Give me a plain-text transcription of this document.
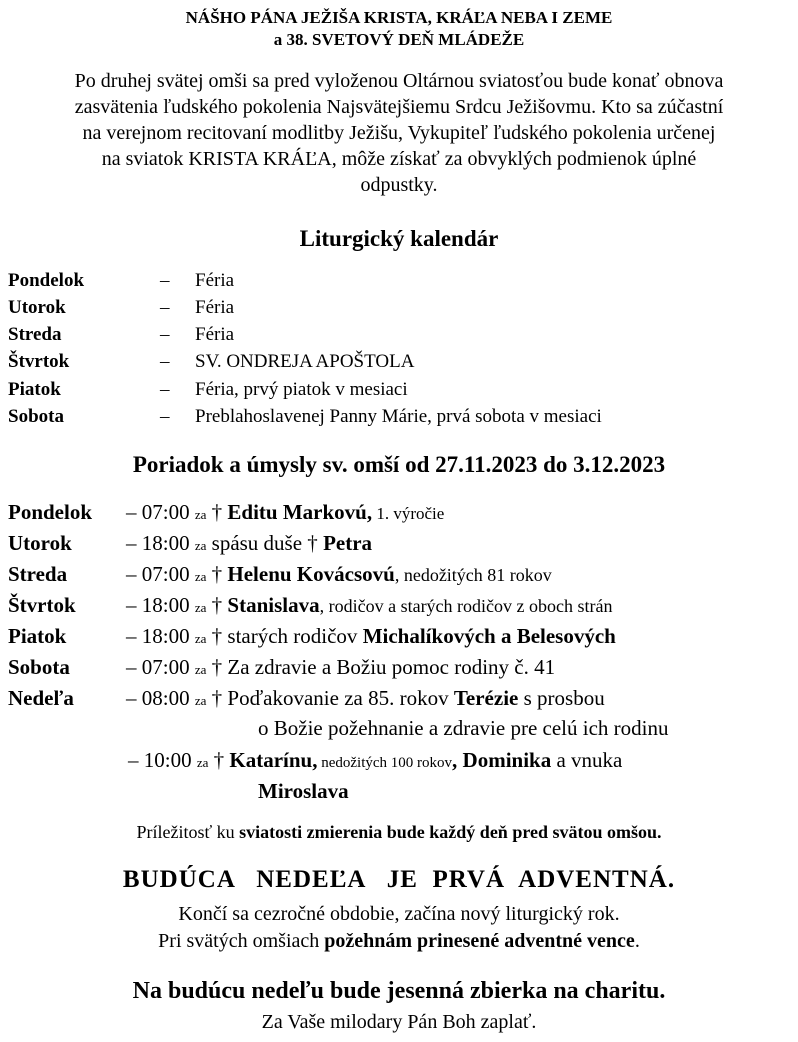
NÁŠHO PÁNA JEŽIŠA KRISTA, KRÁĽA NEBA I ZEME
a 38. SVETOVÝ DEŇ MLÁDEŽE
Po druhej svätej omši sa pred vyloženou Oltárnou sviatosťou bude konať obnova
zasvätenia ľudského pokolenia Najsvätejšiemu Srdcu Ježišovmu. Kto sa zúčastní
na verejnom recitovaní modlitby Ježišu, Vykupiteľ ľudského pokolenia určenej
na sviatok KRISTA KRÁĽA, môže získať za obvyklých podmienok úplné
odpustky.
Liturgický kalendár
Pondelok	– Féria
Utorok	– Féria
Streda	– Féria
Štvrtok	– SV. ONDREJA APOŠTOLA
Piatok	– Féria, prvý piatok v mesiaci
Sobota	– Preblahoslavenej Panny Márie, prvá sobota v mesiaci
Poriadok a úmysly sv. omší od 27.11.2023 do 3.12.2023
Pondelok – 07:00 za † Editu Markovú, 1. výročie
Utorok	– 18:00 za spásu duše † Petra
Streda	– 07:00 za † Helenu Kovácsovú, nedožitých 81 rokov
Štvrtok – 18:00 za † Stanislava, rodičov a starých rodičov z oboch strán
Piatok	– 18:00 za † starých rodičov Michalíkových a Belesových
Sobota	– 07:00 za † Za zdravie a Božiu pomoc rodiny č. 41
Nedeľa – 08:00 za † Poďakovanie za 85. rokov Terézie s prosbou
o Božie požehnanie a zdravie pre celú ich rodinu
– 10:00 za † Katarínu, nedožitých 100 rokov, Dominika a vnuka
Miroslava
Príležitosť ku sviatosti zmierenia bude každý deň pred svätou omšou.
BUDÚCA   NEDEĽA   JE  PRVÁ  ADVENTNÁ.
Končí sa cezročné obdobie, začína nový liturgický rok.
Pri svätých omšiach požehnám prinesené adventné vence.
Na budúcu nedeľu bude jesenná zbierka na charitu.
Za Vaše milodary Pán Boh zaplať.
